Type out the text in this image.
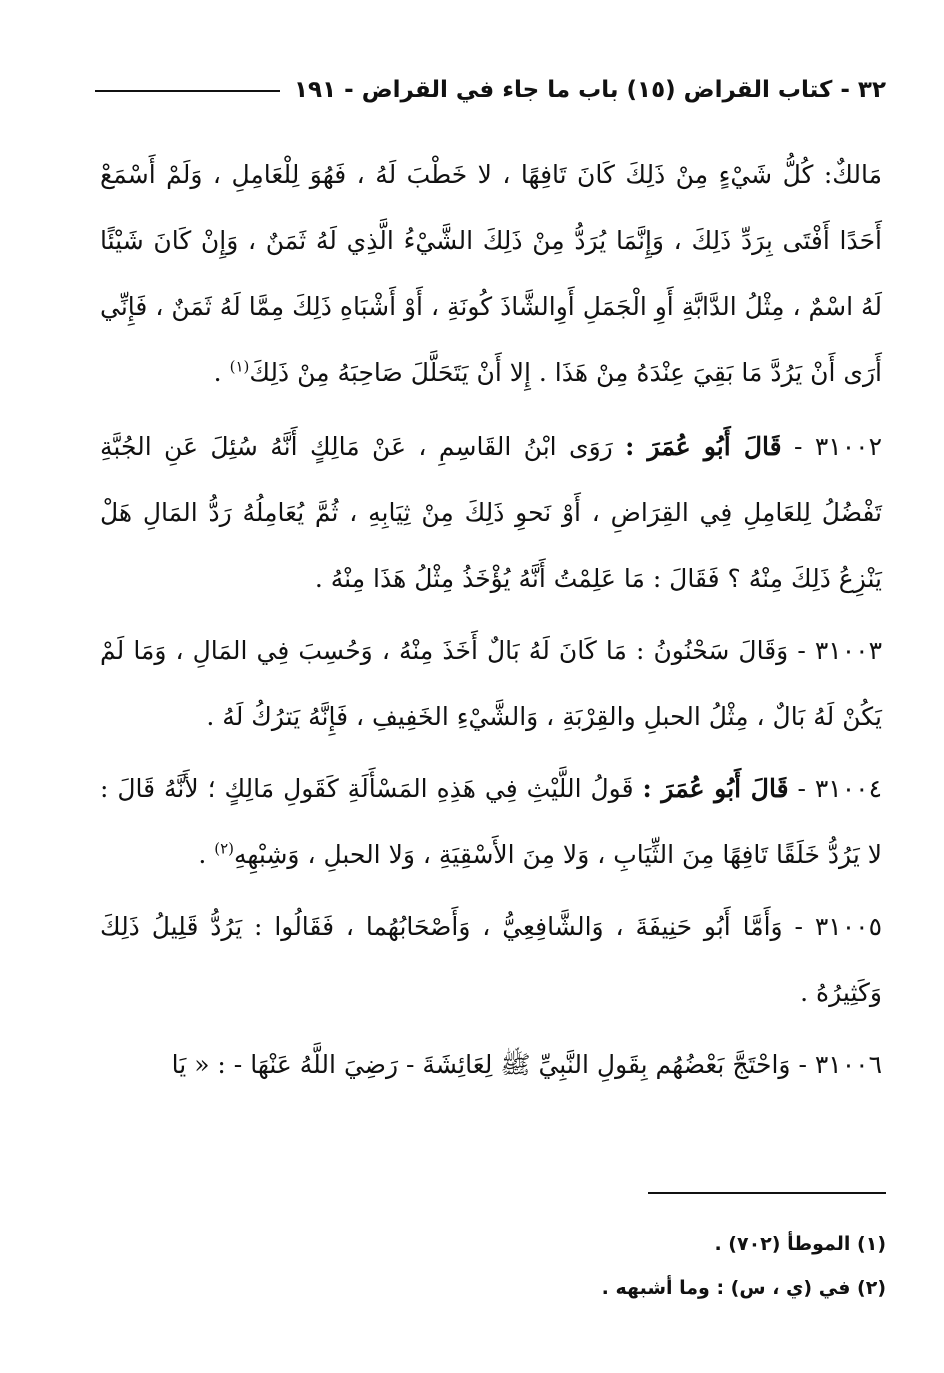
٣٢ - كتاب القراض (١٥) باب ما جاء في القراض - ١٩١

مَالكٌ: كُلُّ شَيْءٍ مِنْ ذَلِكَ كَانَ تَافِهًا ، لا خَطْبَ لَهُ ، فَهُوَ لِلْعَامِلِ ، وَلَمْ أَسْمَعْ أَحَدًا أَفْتَى بِرَدِّ ذَلِكَ ، وَإِنَّمَا يُرَدُّ مِنْ ذَلِكَ الشَّيْءُ الَّذِي لَهُ ثَمَنٌ ، وَإِنْ كَانَ شَيْئًا لَهُ اسْمٌ ، مِثْلُ الدَّابَّةِ أَوِ الْجَمَلِ أَوِالشَّاذَ كُونَةِ ، أَوْ أَشْبَاهِ ذَلِكَ مِمَّا لَهُ ثَمَنٌ ، فَإِنِّي أَرَى أَنْ يَرُدَّ مَا بَقِيَ عِنْدَهُ مِنْ هَذَا . إِلا أَنْ يَتَحَلَّلَ صَاحِبَهُ مِنْ ذَلِكَ$^{(١)}$ .

٣١٠٠٢ - قَالَ أَبُو عُمَرَ : رَوَى ابْنُ القَاسِمِ ، عَنْ مَالِكٍ أَنَّهُ سُئِلَ عَنِ الجُبَّةِ تَفْضُلُ لِلعَامِلِ فِي القِرَاضِ ، أَوْ نَحوِ ذَلِكَ مِنْ ثِيَابِهِ ، ثُمَّ يُعَامِلُهُ رَدُّ المَالِ هَلْ يَنْزِعُ ذَلِكَ مِنْهُ ؟ فَقَالَ : مَا عَلِمْتُ أَنَّهُ يُؤْخَذُ مِثْلُ هَذَا مِنْهُ .

٣١٠٠٣ - وَقَالَ سَحْنُونُ : مَا كَانَ لَهُ بَالٌ أَخَذَ مِنْهُ ، وَحُسِبَ فِي المَالِ ، وَمَا لَمْ يَكُنْ لَهُ بَالٌ ، مِثْلُ الحبلِ والقِرْبَةِ ، وَالشَّيْءِ الخَفِيفِ ، فَإِنَّهُ يَترُكُ لَهُ .

٣١٠٠٤ - قَالَ أَبُو عُمَرَ : قَولُ اللَّيْثِ فِي هَذِهِ المَسْأَلَةِ كَقَولِ مَالِكٍ ؛ لأَنَّهُ قَالَ : لا يَرُدُّ خَلَقًا تَافِهًا مِنَ الثِّيَابِ ، وَلا مِنَ الأَسْقِيَةِ ، وَلا الحبلِ ، وَشِبْهِهِ$^{(٢)}$ .

٣١٠٠٥ - وَأَمَّا أَبُو حَنِيفَةَ ، وَالشَّافِعِيُّ ، وَأَصْحَابُهُما ، فَقَالُوا : يَرُدُّ قَلِيلُ ذَلِكَ وَكَثِيرُهُ .

٣١٠٠٦ - وَاحْتَجَّ بَعْضُهُم بِقَولِ النَّبِيِّ ﷺ لِعَائِشَةَ - رَضِيَ اللَّهُ عَنْهَا - : « يَا

(١) الموطأ (٧٠٢) .

(٢) في (ي ، س) : وما أشبهه .
